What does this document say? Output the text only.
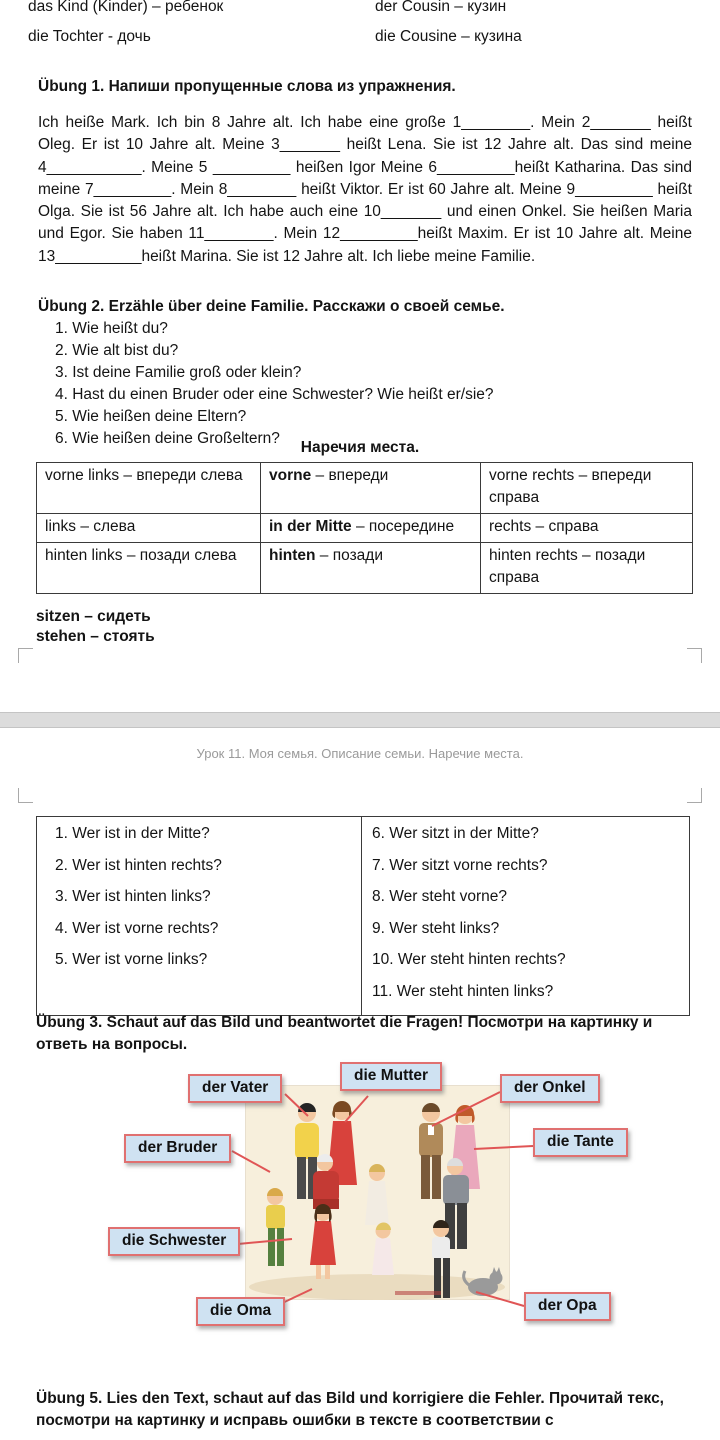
das Kind (Kinder) – ребенок	der Cousin – кузин
die Tochter - дочь	die Cousine – кузина
Übung 1. Напиши пропущенные слова из упражнения.
Ich heiße Mark. Ich bin 8 Jahre alt. Ich habe eine große 1________. Mein 2_______ heißt Oleg. Er ist 10 Jahre alt. Meine 3_______ heißt Lena. Sie ist 12 Jahre alt. Das sind meine 4___________. Meine 5 _________ heißen Igor Meine 6_________heißt Katharina. Das sind meine 7_________. Mein 8________ heißt Viktor. Er ist 60 Jahre alt. Meine 9_________ heißt Olga. Sie ist 56 Jahre alt. Ich habe auch eine 10_______ und einen Onkel. Sie heißen Maria und Egor. Sie haben 11________. Mein 12_________heißt Maxim. Er ist 10 Jahre alt. Meine 13__________heißt Marina. Sie ist 12 Jahre alt. Ich liebe meine Familie.
Übung 2. Erzähle über deine Familie. Расскажи о своей семье.
1. Wie heißt du?
2. Wie alt bist du?
3. Ist deine Familie groß oder klein?
4. Hast du einen Bruder oder eine Schwester? Wie heißt er/sie?
5. Wie heißen deine Eltern?
6. Wie heißen deine Großeltern?
Наречия места.
vorne links – впереди слева	vorne – впереди	vorne rechts – впереди справа
links – слева	in der Mitte – посередине	rechts – справа
hinten links – позади слева	hinten – позади	hinten rechts – позади справа
sitzen – сидеть
stehen – стоять
Урок 11. Моя семья. Описание семьи. Наречие места.
1. Wer ist in der Mitte?
2. Wer ist hinten rechts?
3. Wer ist hinten links?
4. Wer ist vorne rechts?
5. Wer ist vorne links?
6. Wer sitzt in der Mitte?
7. Wer sitzt vorne rechts?
8. Wer steht vorne?
9. Wer steht links?
10. Wer steht hinten rechts?
11. Wer steht hinten links?
Übung 3. Schaut auf das Bild und beantwortet die Fragen! Посмотри на картинку и ответь на вопросы.
die Mutter
der Vater	der Onkel
die Tante
der Bruder
die Schwester
die Oma	der Opa
Übung 5. Lies den Text, schaut auf das Bild und korrigiere die Fehler. Прочитай текс, посмотри на картинку и исправь ошибки в тексте в соответствии с
